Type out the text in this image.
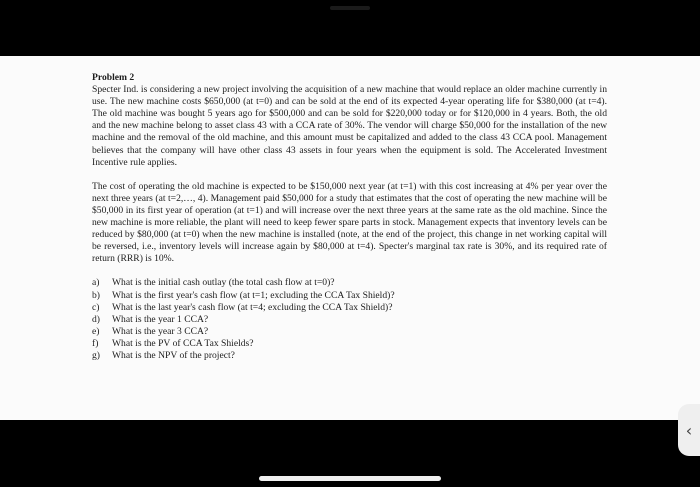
Problem 2

Specter Ind. is considering a new project involving the acquisition of a new machine that would replace an older machine currently in use. The new machine costs $650,000 (at t=0) and can be sold at the end of its expected 4-year operating life for $380,000 (at t=4). The old machine was bought 5 years ago for $500,000 and can be sold for $220,000 today or for $120,000 in 4 years. Both, the old and the new machine belong to asset class 43 with a CCA rate of 30%. The vendor will charge $50,000 for the installation of the new machine and the removal of the old machine, and this amount must be capitalized and added to the class 43 CCA pool. Management believes that the company will have other class 43 assets in four years when the equipment is sold. The Accelerated Investment Incentive rule applies.

The cost of operating the old machine is expected to be $150,000 next year (at t=1) with this cost increasing at 4% per year over the next three years (at t=2,…, 4). Management paid $50,000 for a study that estimates that the cost of operating the new machine will be $50,000 in its first year of operation (at t=1) and will increase over the next three years at the same rate as the old machine. Since the new machine is more reliable, the plant will need to keep fewer spare parts in stock. Management expects that inventory levels can be reduced by $80,000 (at t=0) when the new machine is installed (note, at the end of the project, this change in net working capital will be reversed, i.e., inventory levels will increase again by $80,000 at t=4). Specter's marginal tax rate is 30%, and its required rate of return (RRR) is 10%.

a)	What is the initial cash outlay (the total cash flow at t=0)?
b)	What is the first year's cash flow (at t=1; excluding the CCA Tax Shield)?
c)	What is the last year's cash flow (at t=4; excluding the CCA Tax Shield)?
d)	What is the year 1 CCA?
e)	What is the year 3 CCA?
f)	What is the PV of CCA Tax Shields?
g)	What is the NPV of the project?
‹
